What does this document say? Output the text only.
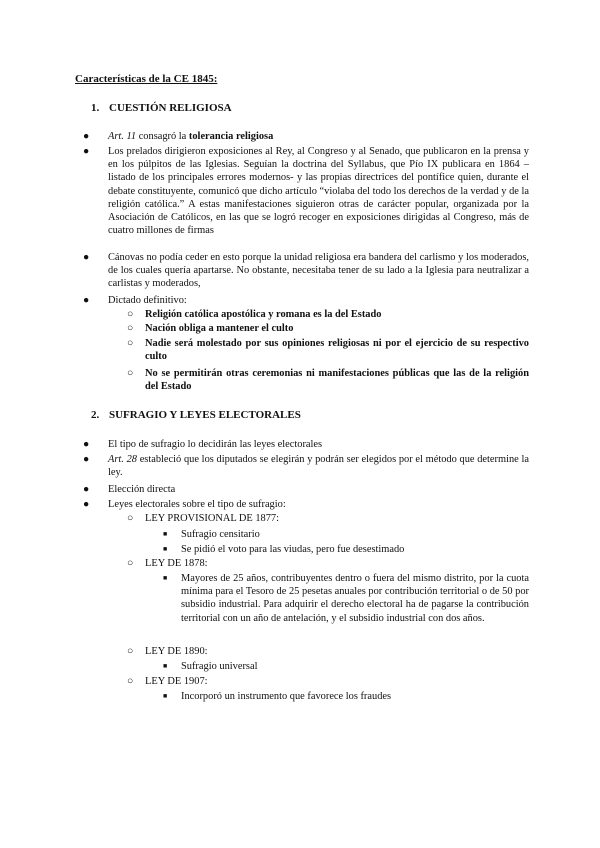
Características de la CE 1845:
1. CUESTIÓN RELIGIOSA
●	Art. 11 consagró la tolerancia religiosa
●	Los prelados dirigieron exposiciones al Rey, al Congreso y al Senado, que publicaron en la prensa y en los púlpitos de las Iglesias. Seguían la doctrina del Syllabus, que Pío IX publicara en 1864 –listado de los principales errores modernos- y las propias directrices del pontífice quien, durante el debate constituyente, comunicó que dicho artículo “violaba del todo los derechos de la verdad y de la religión católica.” A estas manifestaciones siguieron otras de carácter popular, organizada por la Asociación de Católicos, en las que se logró recoger en exposiciones dirigidas al Congreso, más de cuatro millones de firmas
●	Cánovas no podía ceder en esto porque la unidad religiosa era bandera del carlismo y los moderados, de los cuales quería apartarse. No obstante, necesitaba tener de su lado a la Iglesia para neutralizar a carlistas y moderados,
●	Dictado definitivo:
○ Religión católica apostólica y romana es la del Estado
○ Nación obliga a mantener el culto
○ Nadie será molestado por sus opiniones religiosas ni por el ejercicio de su respectivo culto
○ No se permitirán otras ceremonias ni manifestaciones públicas que las de la religión del Estado
2. SUFRAGIO Y LEYES ELECTORALES
●	El tipo de sufragio lo decidirán las leyes electorales
●	Art. 28 estableció que los diputados se elegirán y podrán ser elegidos por el método que determine la ley.
●	Elección directa
●	Leyes electorales sobre el tipo de sufragio:
○ LEY PROVISIONAL DE 1877:
■ Sufragio censitario
■ Se pidió el voto para las viudas, pero fue desestimado
○ LEY DE 1878:
■ Mayores de 25 años, contribuyentes dentro o fuera del mismo distrito, por la cuota mínima para el Tesoro de 25 pesetas anuales por contribución territorial o de 50 por subsidio industrial. Para adquirir el derecho electoral ha de pagarse la contribución territorial con un año de antelación, y el subsidio industrial con dos años.
○ LEY DE 1890:
■ Sufragio universal
○ LEY DE 1907:
■ Incorporó un instrumento que favorece los fraudes
